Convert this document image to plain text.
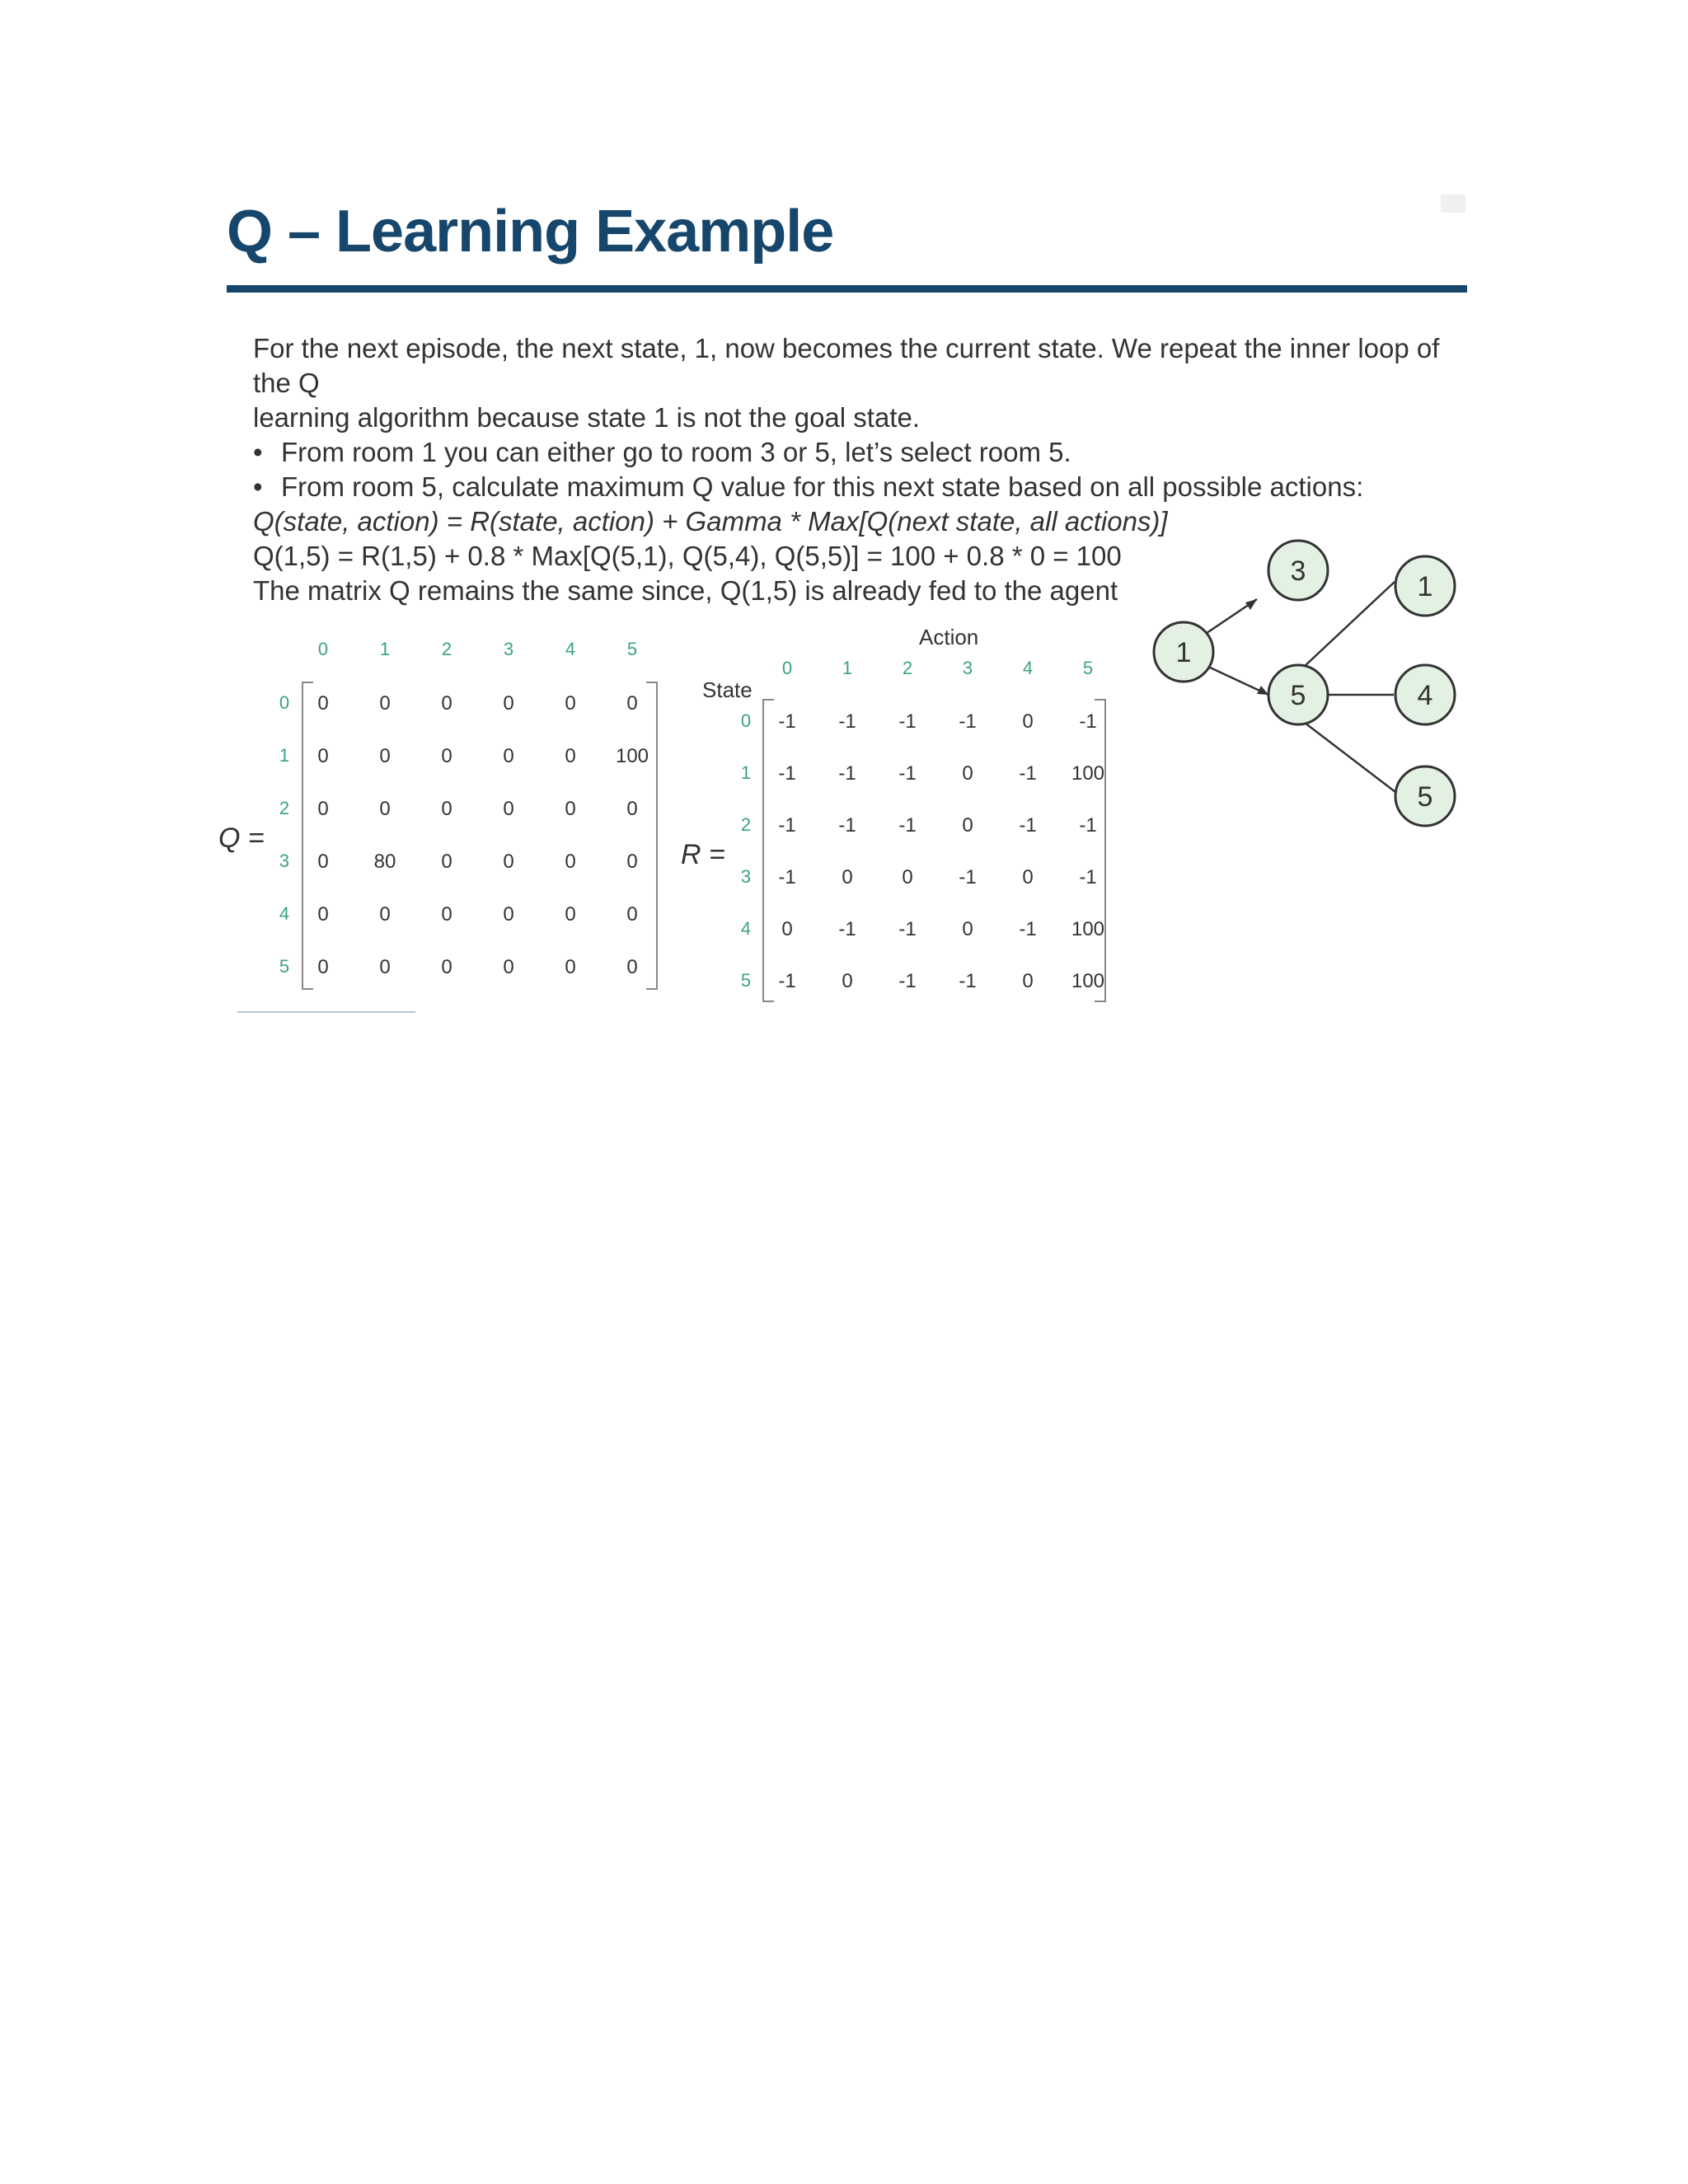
Q – Learning Example

For the next episode, the next state, 1, now becomes the current state. We repeat the inner loop of the Q

learning algorithm because state 1 is not the goal state.

• From room 1 you can either go to room 3 or 5, let’s select room 5.
• From room 5, calculate maximum Q value for this next state based on all possible actions:

Q(state, action) = R(state, action) + Gamma * Max[Q(next state, all actions)]

Q(1,5) = R(1,5) + 0.8 * Max[Q(5,1), Q(5,4), Q(5,5)] = 100 + 0.8 * 0 = 100

The matrix Q remains the same since, Q(1,5) is already fed to the agent

Q =
0	1	2	3	4	5
0
1
2
3
4
5
0	0	0	0	0	0
0	0	0	0	0 100
0	0	0	0	0	0
0 80 0	0	0	0
0	0	0	0	0	0
0	0	0	0	0	0
R =
Action
State
0	1	2	3	4	5
0
1
2
3
4
5
-1 -1 -1 -1 0 -1
-1 -1 -1 0 -1 100
-1 -1 -1 0 -1 -1
-1 0 0 -1 0 -1
0 -1 -1 0 -1 100
-1 0 -1 -1 0 100
1
3
5
1
4
5
